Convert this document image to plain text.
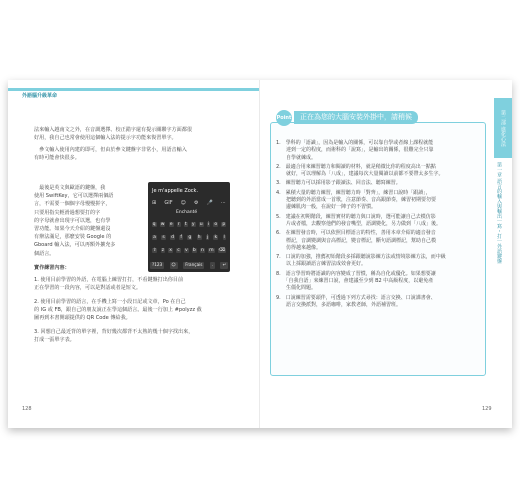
外語腦升級革命
法來輸入越南文之外，在音調選擇、校正錯字還有提示關聯字方面都很
好用，我自己也常會使用這個輸入法的提示字功能來復習單字。
　參文輸入使用內建的即可，但由於參文鍵盤字非常小，用語音輸入
有時可能會快很多。
　最後是英文與歐語的鍵盤，我
使用 SwiftKey，它可以選擇兩個語
言，不需要一個個字母慢慢拼字，
只要用指尖輕滑過想要打的字
的字母就會出現字可以選，也有學
習功能。如果今天介紹的鍵盤還沒
有辦法滿足，那麼安裝 Google 的
Gboard 輸入法，可以再額外擴充多
個語言。
Je m'appelle Zock.
⊞ GIF ☺ ⚙ 🎤 ⋯
Enchanté
q w e r t y u i o p
a s d f g h j k l
⇧ z x c v b n m ⌫
?123	☺	Français	.	↵
實作練習內容：
1. 使用目前學習的外語，在電腦上練習打打，不看鍵盤打出你目前
正在學習的一段內容，可以是對話或者是短文。
2. 使用目前學習的語言，在手機上寫一小段日記或文章，Po 在自己
的 IG 或 FB，跟自己的朋友說正在學這個語言。最後一行加上 #polyzz 截
圖再到本書開頭提供的 QR Code 傳給我。
3. 回想自己最近背的單字裡，背好幾次都背不太熟的幾十個字找出來，
打成一張單字表。
128
Point	正在為您的大腦安裝外掛中，請稍候
1.　學科的「語識」，因為是輸入的關係，可以靠自學或者線上課程就能
　　達到一定的程度，而術科的「說寫」，是輸出的關係，很難完全只靠
　　自學就練成。
2.　最適合用來練習聽力和閱讀的材料，就是稍微比你的程度高出一點點
　　就好，可以理解為「八成」，建議每次大量閱讀以前都不要帶太多生字。
3.　練習聽力可以採用影子跟讀法、回音法、聽寫練習。
4.　累積大量的聽力練習，練習聽力時「對齊」，練習口說時「跟讀」，
　　把聽到的外語當成一首歌，注意節奏、音高跟節奏，練習初期要勿要
　　邊練肌肉一般，在說好一陣子的不習慣。
5.　建議在初期階段，練習實材的聽力與口說時，選可能讓自己去模仿影
　　片或者檔，去觀察他們的發音嘴型，語調變化，另力做到「八成」後。
6.　在練習發音時，可以依照目標語言的特性，善用本章介紹的適音發音
　　標記，音調變調與音高標記，變音標記，斷句語調標記，幫助自己模
　　仿得越來越像。
7.　口說的加強，推薦初始階段多採跟聽說影練方法或情境影練方法，而中級
　　以上採跟讀語言練習法成效會更好。
8.　語言學習時將語識的內容變成了習慣，稱為自化或優化。如果想要讓
　　「自我自語」來練習口說，會建議至少到 B2 中高級程度，以避免產
　　生僵化問題。
9.　口說練習需要頭伴，可透過下列方式尋找：語言交換、口說課書會、
　　語言交換派對，多語咖啡，家教老師，外語補習班。
第二部 進化心法
第一章 語言的輸入與輸出｜寫・打｜外語鍵盤
129
